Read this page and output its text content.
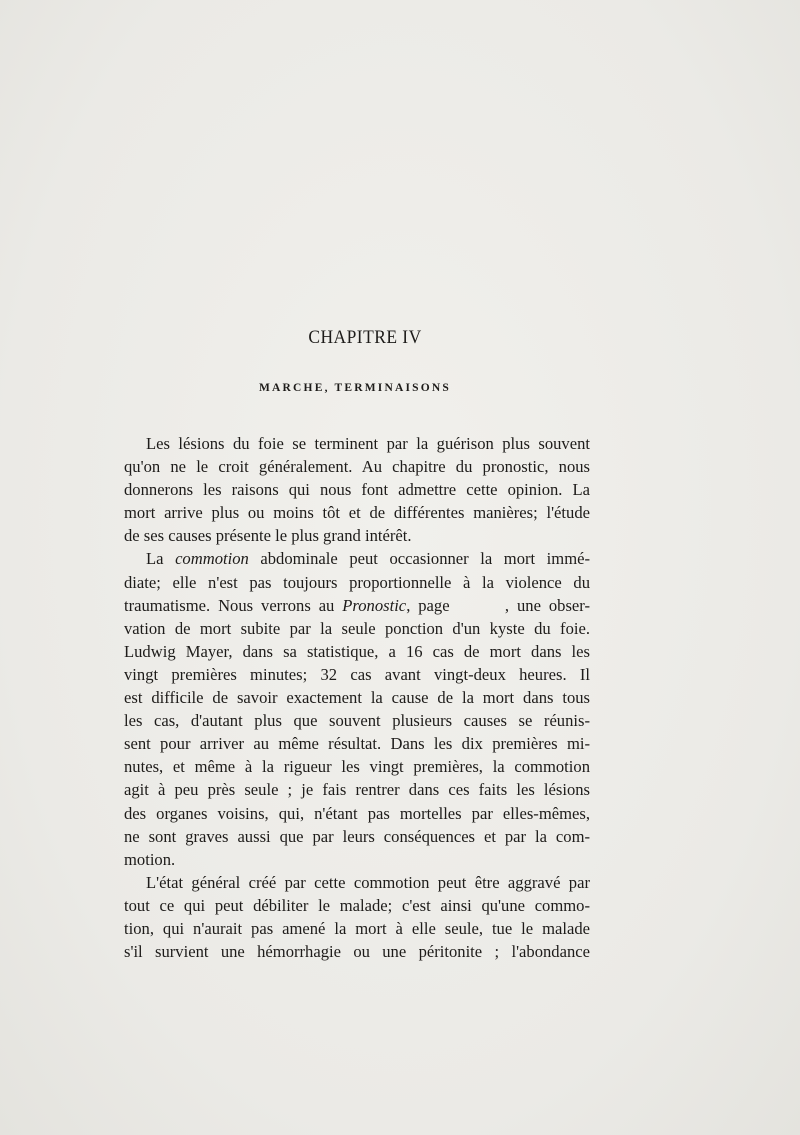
CHAPITRE IV
MARCHE, TERMINAISONS

Les lésions du foie se terminent par la guérison plus souvent
qu'on ne le croit généralement. Au chapitre du pronostic, nous
donnerons les raisons qui nous font admettre cette opinion. La
mort arrive plus ou moins tôt et de différentes manières; l'étude
de ses causes présente le plus grand intérêt.

La commotion abdominale peut occasionner la mort immé-
diate; elle n'est pas toujours proportionnelle à la violence du
traumatisme. Nous verrons au Pronostic, page       , une obser-
vation de mort subite par la seule ponction d'un kyste du foie.
Ludwig Mayer, dans sa statistique, a 16 cas de mort dans les
vingt premières minutes; 32 cas avant vingt-deux heures. Il
est difficile de savoir exactement la cause de la mort dans tous
les cas, d'autant plus que souvent plusieurs causes se réunis-
sent pour arriver au même résultat. Dans les dix premières mi-
nutes, et même à la rigueur les vingt premières, la commotion
agit à peu près seule ; je fais rentrer dans ces faits les lésions
des organes voisins, qui, n'étant pas mortelles par elles-mêmes,
ne sont graves aussi que par leurs conséquences et par la com-
motion.

L'état général créé par cette commotion peut être aggravé par
tout ce qui peut débiliter le malade; c'est ainsi qu'une commo-
tion, qui n'aurait pas amené la mort à elle seule, tue le malade
s'il survient une hémorrhagie ou une péritonite ; l'abondance
